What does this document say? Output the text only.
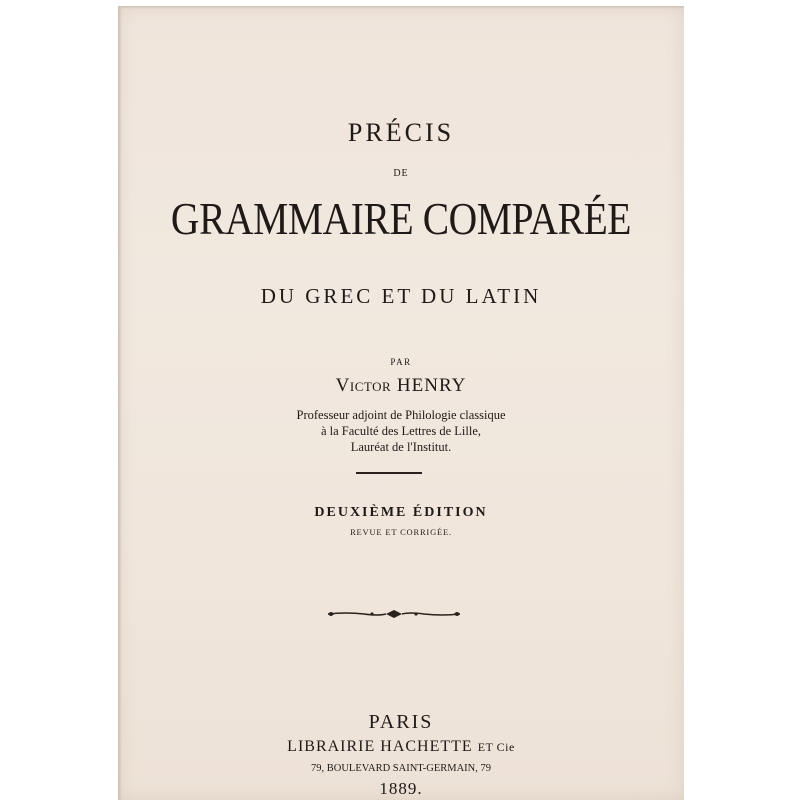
PRÉCIS
DE
GRAMMAIRE COMPARÉE
DU GREC ET DU LATIN
PAR
Victor HENRY
Professeur adjoint de Philologie classique
à la Faculté des Lettres de Lille,
Lauréat de l'Institut.
DEUXIÈME ÉDITION
REVUE ET CORRIGÉE.
PARIS
LIBRAIRIE HACHETTE ET Cie
79, BOULEVARD SAINT-GERMAIN, 79
1889.
